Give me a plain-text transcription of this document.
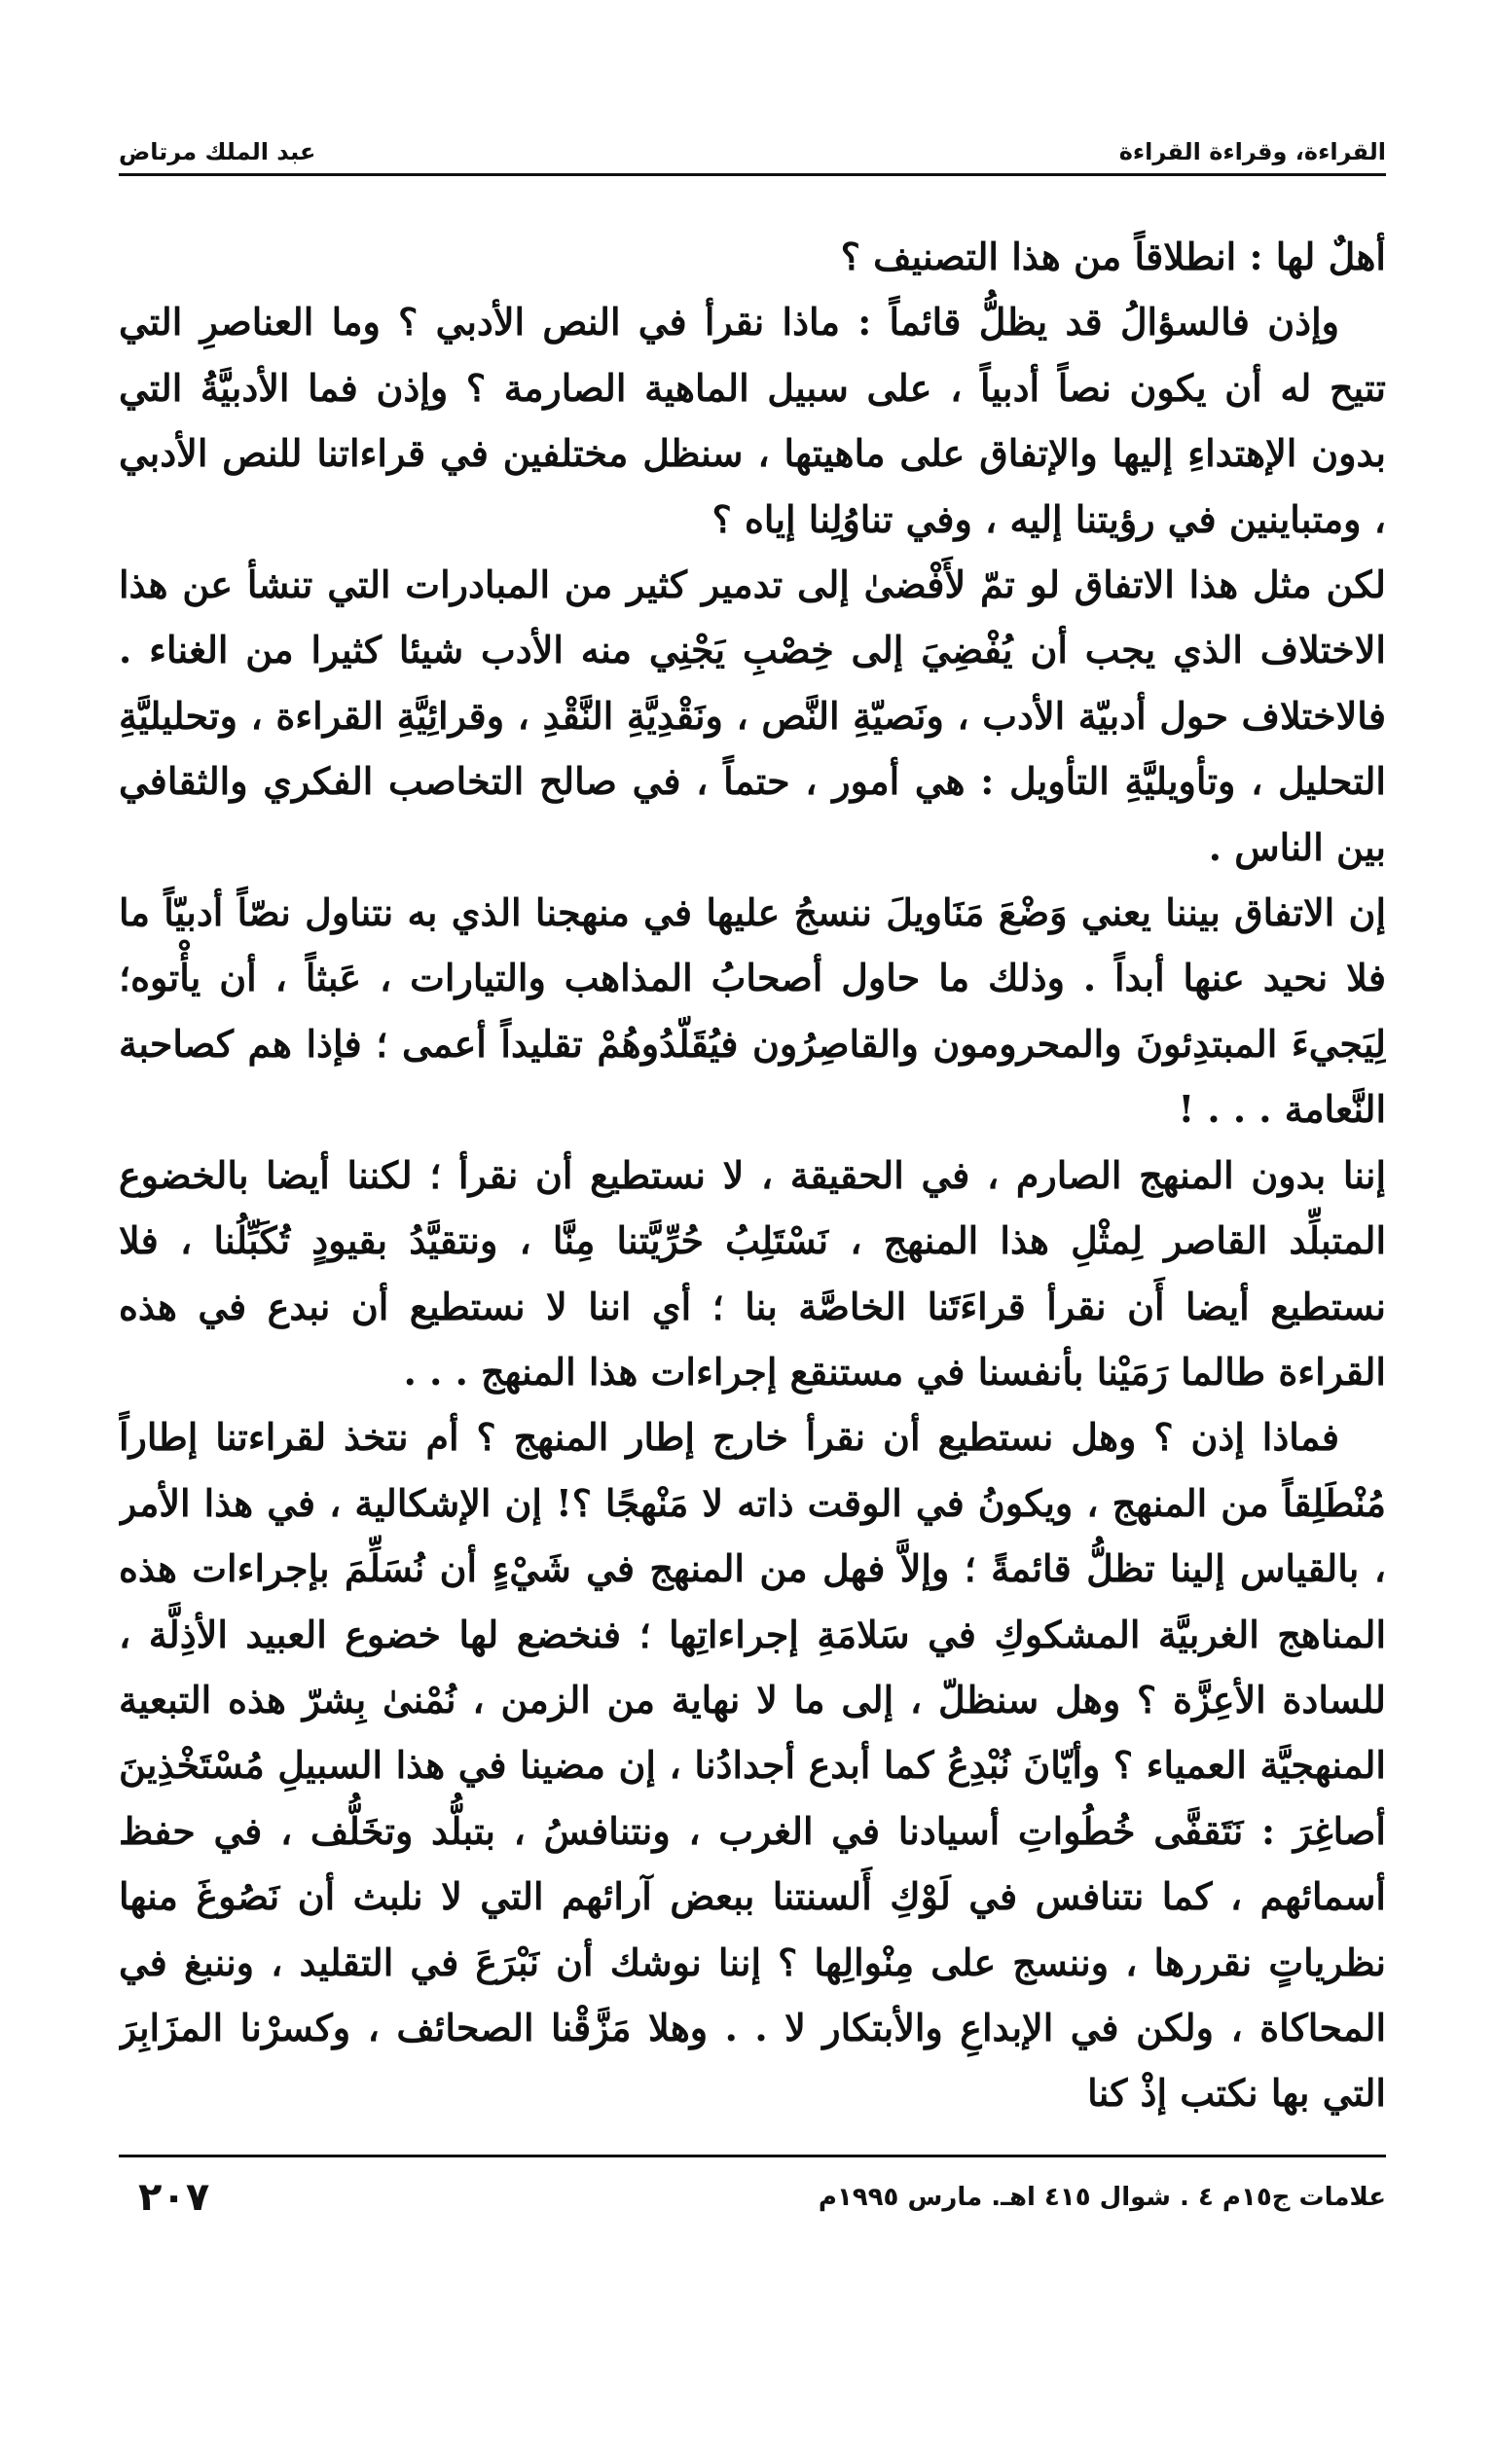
القراءة، وقراءة القراءة
عبد الملك مرتاض

أهلٌ لها : انطلاقاً من هذا التصنيف ؟

وإذن فالسؤالُ قد يظلُّ قائماً : ماذا نقرأ في النص الأدبي ؟ وما العناصرِ التي تتيح له أن يكون نصاً أدبياً ، على سبيل الماهية الصارمة ؟ وإذن فما الأدبيَّةُ التي بدون الإهتداءِ إليها والإتفاق على ماهيتها ، سنظل مختلفين في قراءاتنا للنص الأدبي ، ومتباينين في رؤيتنا إليه ، وفي تناوُلِنا إياه ؟

لكن مثل هذا الاتفاق لو تمّ لأَفْضىٰ إلى تدمير كثير من المبادرات التي تنشأ عن هذا الاختلاف الذي يجب أن يُفْضِيَ إلى خِصْبِ يَجْنِي منه الأدب شيئا كثيرا من الغناء . فالاختلاف حول أدبيّة الأدب ، ونَصيّةِ النَّص ، ونَقْدِيَّةِ النَّقْدِ ، وقرائِيَّةِ القراءة ، وتحليليَّةِ التحليل ، وتأويليَّةِ التأويل : هي أمور ، حتماً ، في صالح التخاصب الفكري والثقافي بين الناس .

إن الاتفاق بيننا يعني وَضْعَ مَنَاويلَ ننسجُ عليها في منهجنا الذي به نتناول نصّاً أدبيّاً ما فلا نحيد عنها أبداً . وذلك ما حاول أصحابُ المذاهب والتيارات ، عَبثاً ، أن يأْتوه؛ لِيَجيءَ المبتدِئونَ والمحرومون والقاصِرُون فيُقَلّدُوهُمْ تقليداً أعمى ؛ فإذا هم كصاحبة النَّعامة . . . !

إننا بدون المنهج الصارم ، في الحقيقة ، لا نستطيع أن نقرأ ؛ لكننا أيضا بالخضوع المتبلِّد القاصر لِمثْلِ هذا المنهج ، نَسْتَلِبُ حُرِّيَّتنا مِنَّا ، ونتقيَّدُ بقيودٍ تُكَبِّلُنا ، فلا نستطيع أيضا أَن نقرأ قراءَتَنا الخاصَّة بنا ؛ أي اننا لا نستطيع أن نبدع في هذه القراءة طالما رَمَيْنا بأنفسنا في مستنقع إجراءات هذا المنهج . . .

فماذا إذن ؟ وهل نستطيع أن نقرأ خارج إطار المنهج ؟ أم نتخذ لقراءتنا إطاراً مُنْطَلِقاً من المنهج ، ويكونُ في الوقت ذاته لا مَنْهجًا ؟! إن الإشكالية ، في هذا الأمر ، بالقياس إلينا تظلُّ قائمةً ؛ وإلاَّ فهل من المنهج في شَيْءٍ أن نُسَلِّمَ بإجراءات هذه المناهج الغربيَّة المشكوكِ في سَلامَةِ إجراءاتِها ؛ فنخضع لها خضوع العبيد الأذِلَّة ، للسادة الأعِزَّة ؟ وهل سنظلّ ، إلى ما لا نهاية من الزمن ، نُمْنىٰ بِشرّ هذه التبعية المنهجيَّة العمياء ؟ وأيّانَ نُبْدِعُ كما أبدع أجدادُنا ، إن مضينا في هذا السبيلِ مُسْتَخْذِينَ أصاغِرَ : نَتَقفَّى خُطُواتِ أسيادنا في الغرب ، ونتنافسُ ، بتبلُّد وتخَلُّف ، في حفظ أسمائهم ، كما نتنافس في لَوْكِ أَلسنتنا ببعض آرائهم التي لا نلبث أن نَصُوغَ منها نظرياتٍ نقررها ، وننسج على مِنْوالِها ؟ إننا نوشك أن نَبْرَعَ في التقليد ، وننبغ في المحاكاة ، ولكن في الإبداعِ والأبتكار لا . . وهلا مَزَّقْنا الصحائف ، وكسرْنا المزَابِرَ التي بها نكتب إذْ كنا

علامات ج١٥م ٤ . شوال ٤١٥ اهـ. مارس ١٩٩٥م
٢٠٧
